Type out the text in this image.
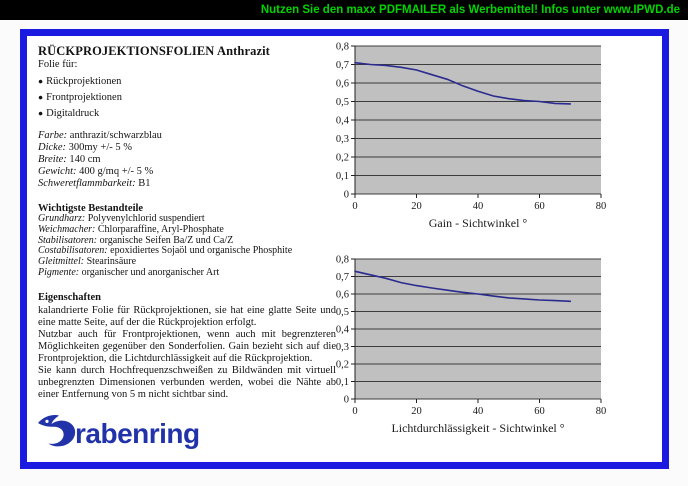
Nutzen Sie den maxx PDFMAILER als Werbemittel! Infos unter www.IPWD.de
RÜCKPROJEKTIONSFOLIEN Anthrazit
Folie für:
● Rückprojektionen
● Frontprojektionen
● Digitaldruck
Farbe: anthrazit/schwarzblau
Dicke: 300my +/- 5 %
Breite: 140 cm
Gewicht: 400 g/mq +/- 5 %
Schweretflammbarkeit: B1
Wichtigste Bestandteile
Grundharz: Polyvenylchlorid suspendiert
Weichmacher: Chlorparaffine, Aryl-Phosphate
Stabilisatoren: organische Seifen Ba/Z und Ca/Z
Costabilisatoren: epoxidiertes Sojaöl und organische Phosphite
Gleitmittel: Stearinsäure
Pigmente: organischer und anorganischer Art
Eigenschaften

kalandrierte Folie für Rückprojektionen, sie hat eine glatte Seite und eine matte Seite, auf der die Rückprojektion erfolgt.

Nutzbar auch für Frontprojektionen, wenn auch mit begrenzteren Möglichkeiten gegenüber den Sonderfolien. Gain bezieht sich auf die Frontprojektion, die Lichtdurchlässigkeit auf die Rückprojektion.

Sie kann durch Hochfrequenzschweißen zu Bildwänden mit virtuell unbegrenzten Dimensionen verbunden werden, wobei die Nähte ab einer Entfernung von 5 m nicht sichtbar sind.

0
0,1
0,2
0,3
0,4
0,5
0,6
0,7
0,8
0	20	40	60	80
Gain - Sichtwinkel °
0
0,1
0,2
0,3
0,4
0,5
0,6
0,7
0,8
0	20	40	60	80
Lichtdurchlässigkeit - Sichtwinkel °
rabenring
